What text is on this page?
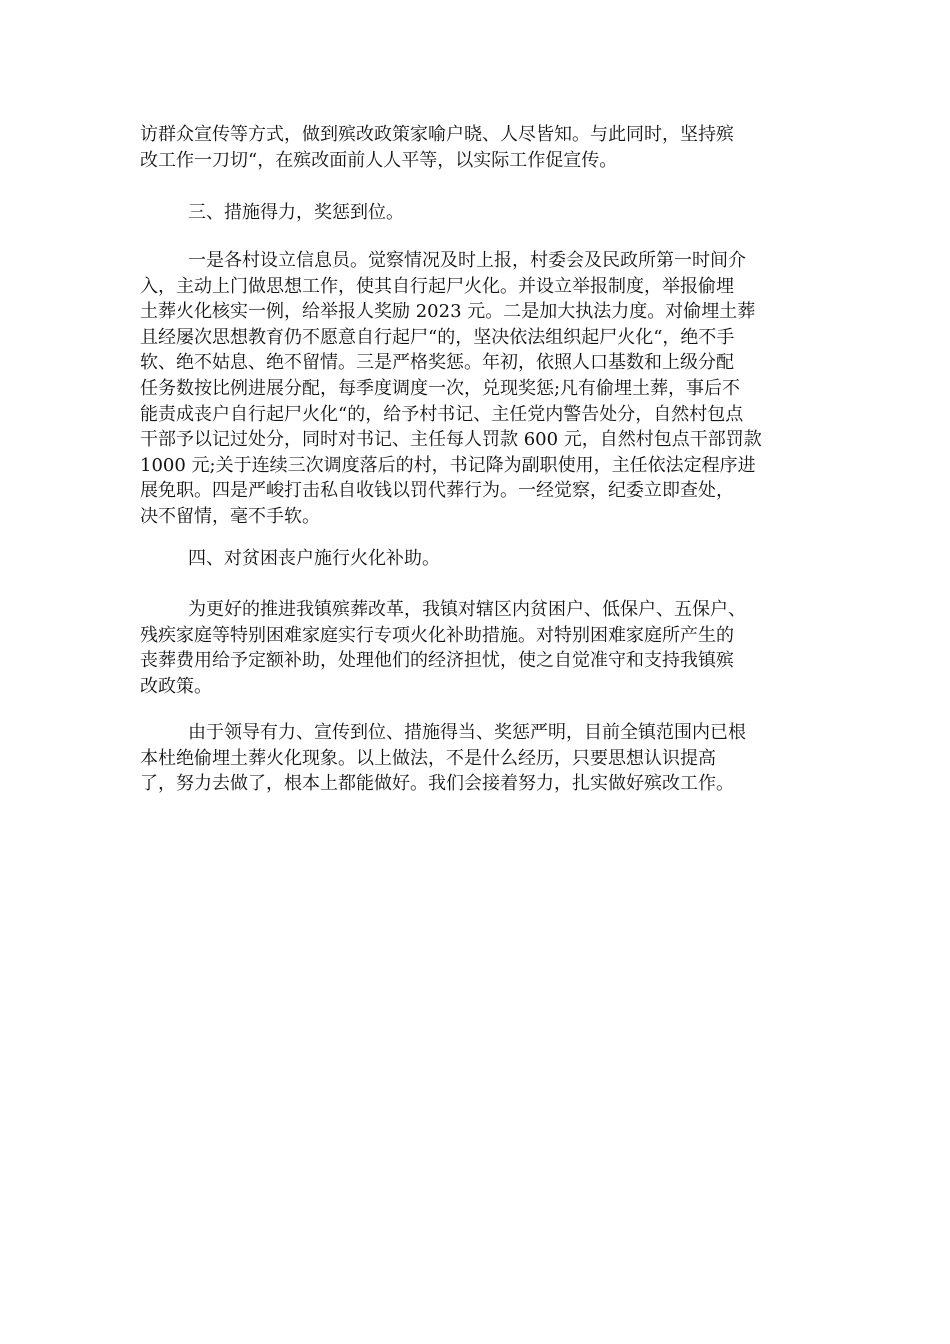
访群众宣传等方式，做到殡改政策家喻户晓、人尽皆知。与此同时，坚持殡
改工作一刀切“，在殡改面前人人平等，以实际工作促宣传。
三、措施得力，奖惩到位。
一是各村设立信息员。觉察情况及时上报，村委会及民政所第一时间介
入，主动上门做思想工作，使其自行起尸火化。并设立举报制度，举报偷埋
土葬火化核实一例，给举报人奖励 2023 元。二是加大执法力度。对偷埋土葬
且经屡次思想教育仍不愿意自行起尸“的，坚决依法组织起尸火化“，绝不手
软、绝不姑息、绝不留情。三是严格奖惩。年初，依照人口基数和上级分配
任务数按比例进展分配，每季度调度一次，兑现奖惩;凡有偷埋土葬，事后不
能责成丧户自行起尸火化“的，给予村书记、主任党内警告处分，自然村包点
干部予以记过处分，同时对书记、主任每人罚款 600 元，自然村包点干部罚款
1000 元;关于连续三次调度落后的村，书记降为副职使用，主任依法定程序进
展免职。四是严峻打击私自收钱以罚代葬行为。一经觉察，纪委立即查处，
决不留情，毫不手软。
四、对贫困丧户施行火化补助。
为更好的推进我镇殡葬改革，我镇对辖区内贫困户、低保户、五保户、
残疾家庭等特别困难家庭实行专项火化补助措施。对特别困难家庭所产生的
丧葬费用给予定额补助，处理他们的经济担忧，使之自觉准守和支持我镇殡
改政策。
由于领导有力、宣传到位、措施得当、奖惩严明，目前全镇范围内已根
本杜绝偷埋土葬火化现象。以上做法，不是什么经历，只要思想认识提高
了，努力去做了，根本上都能做好。我们会接着努力，扎实做好殡改工作。
